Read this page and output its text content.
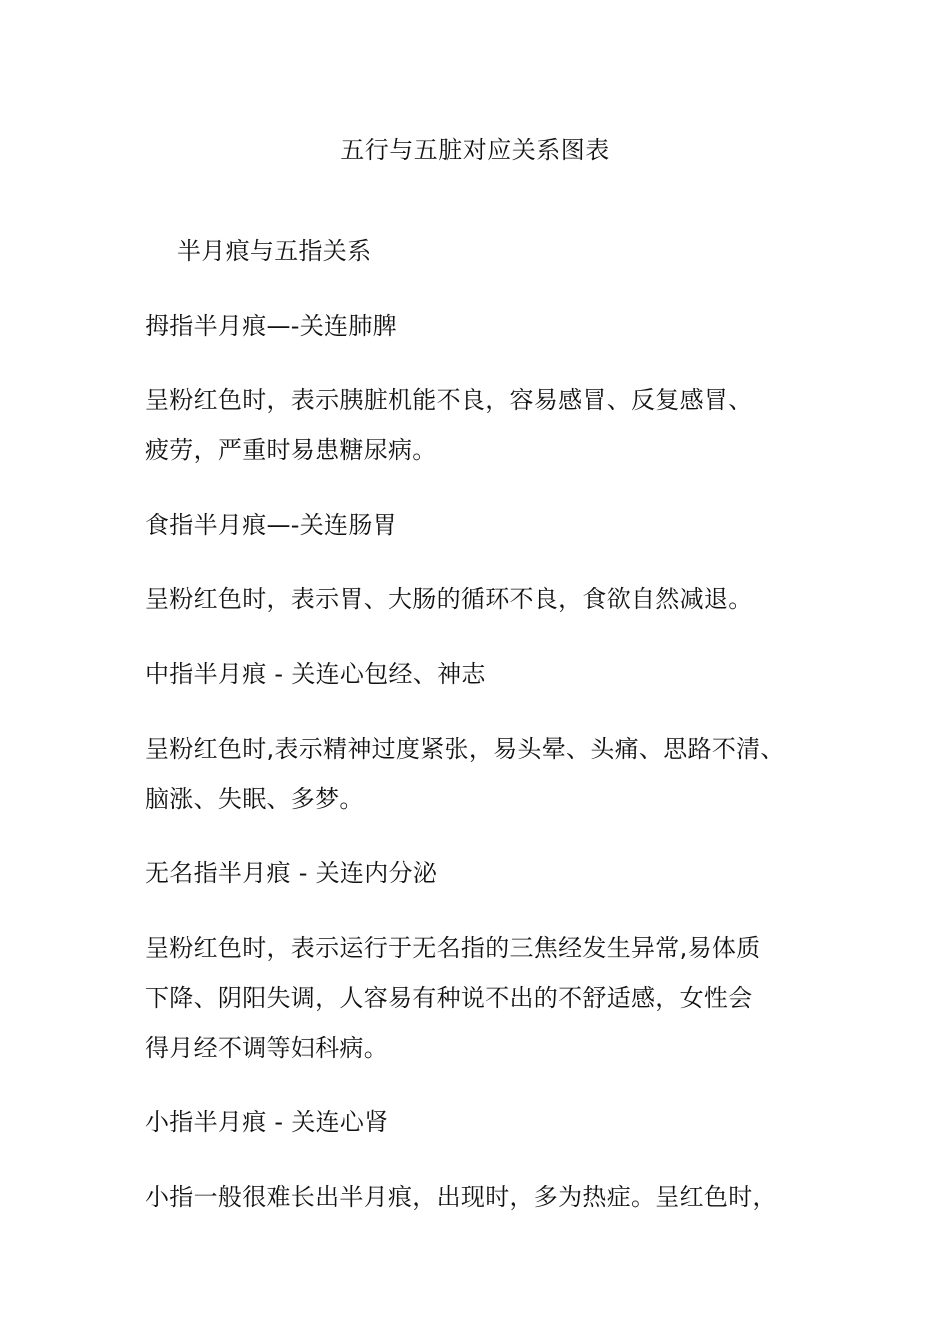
五行与五脏对应关系图表
半月痕与五指关系
拇指半月痕—-关连肺脾
呈粉红色时，表示胰脏机能不良，容易感冒、反复感冒、
疲劳，严重时易患糖尿病。
食指半月痕—-关连肠胃
呈粉红色时，表示胃、大肠的循环不良，食欲自然减退。
中指半月痕 - 关连心包经、神志
呈粉红色时,表示精神过度紧张，易头晕、头痛、思路不清、
脑涨、失眠、多梦。
无名指半月痕 - 关连内分泌
呈粉红色时，表示运行于无名指的三焦经发生异常,易体质
下降、阴阳失调，人容易有种说不出的不舒适感，女性会
得月经不调等妇科病。
小指半月痕 - 关连心肾
小指一般很难长出半月痕，出现时，多为热症。呈红色时，
